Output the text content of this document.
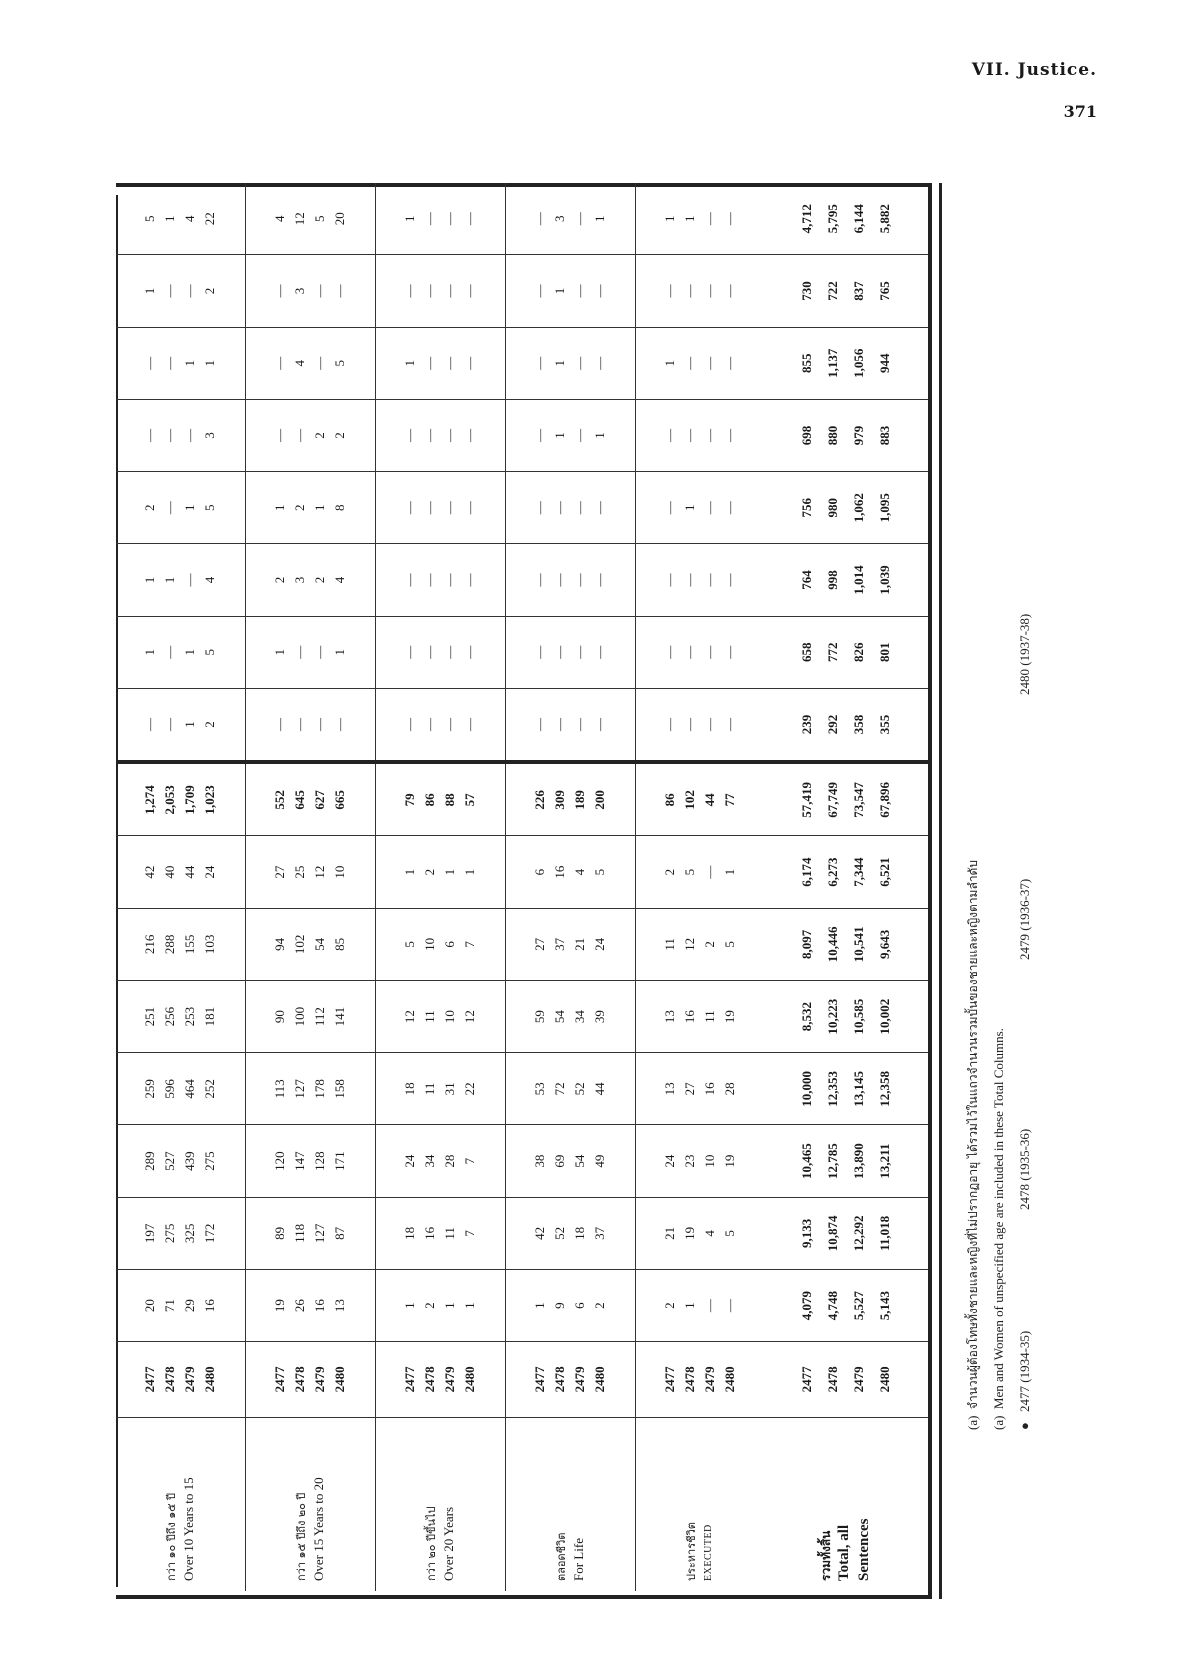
VII. Justice.
371
กว่า ๑๐ ปีถึง ๑๕ ปี Over 10 Years to 15	2477 2478 2479 2480	20 71 29 16	197 275 325 172	289 527 439 275	259 596 464 252	251 256 253 181	216 288 155 103	42 40 44 24	1,274 2,053 1,709 1,023	— — 1 2	1 — 1 5	1 1 — 4	2 — 1 5	— — — 3	— — 1 1	1 — — 2	5 1 4 22

กว่า ๑๕ ปีถึง ๒๐ ปี Over 15 Years to 20	2477 2478 2479 2480	19 26 16 13	89 118 127 87	120 147 128 171	113 127 178 158	90 100 112 141	94 102 54 85	27 25 12 10	552 645 627 665	— — — —	1 — — 1	2 3 2 4	1 2 1 8	— — 2 2	— 4 — 5	— 3 — —	4 12 5 20

กว่า ๒๐ ปีขึ้นไป Over 20 Years	2477 2478 2479 2480	1 2 1 1	18 16 11 7	24 34 28 7	18 11 31 22	12 11 10 12	5 10 6 7	1 2 1 1	79 86 88 57	— — — —	— — — —	— — — —	— — — —	— — — —	1 — — —	— — — —	1 — — —

ตลอดชีวิต For Life	2477 2478 2479 2480	1 9 6 2	42 52 18 37	38 69 54 49	53 72 52 44	59 54 34 39	27 37 21 24	6 16 4 5	226 309 189 200	— — — —	— — — —	— — — —	— — — —	— 1 — 1	— 1 — —	— 1 — —	— 3 — 1

ประหารชีวิต EXECUTED	2477 2478 2479 2480	2 1 — —	21 19 4 5	24 23 10 19	13 27 16 28	13 16 11 19	11 12 2 5	2 5 — 1	86 102 44 77	— — — —	— — — —	— — — —	— 1 — —	— — — —	1 — — —	— — — —	1 1 — —

รวมทั้งสิ้น Total, all Sentences	2477 2478 2479 2480	4,079 4,748 5,527 5,143	9,133 10,874 12,292 11,018	10,465 12,785 13,890 13,211	10,000 12,353 13,145 12,358	8,532 10,223 10,585 10,002	8,097 10,446 10,541 9,643	6,174 6,273 7,344 6,521	57,419 67,749 73,547 67,896	239 292 358 355	658 772 826 801	764 998 1,014 1,039	756 980 1,062 1,095	698 880 979 883	855 1,137 1,056 944	730 722 837 765	4,712 5,795 6,144 5,882
(a)  จำนวนผู้ต้องโทษทั้งชายและหญิงที่ไม่ปรากฏอายุ ได้รวมไว้ในแถวจำนวนรวมบั้นของชายและหญิงตามลำดับ
(a)  Men and Women of unspecified age are included in these Total Columns.
●
2477 (1934-35)
2478 (1935-36)
2479 (1936-37)
2480 (1937-38)
